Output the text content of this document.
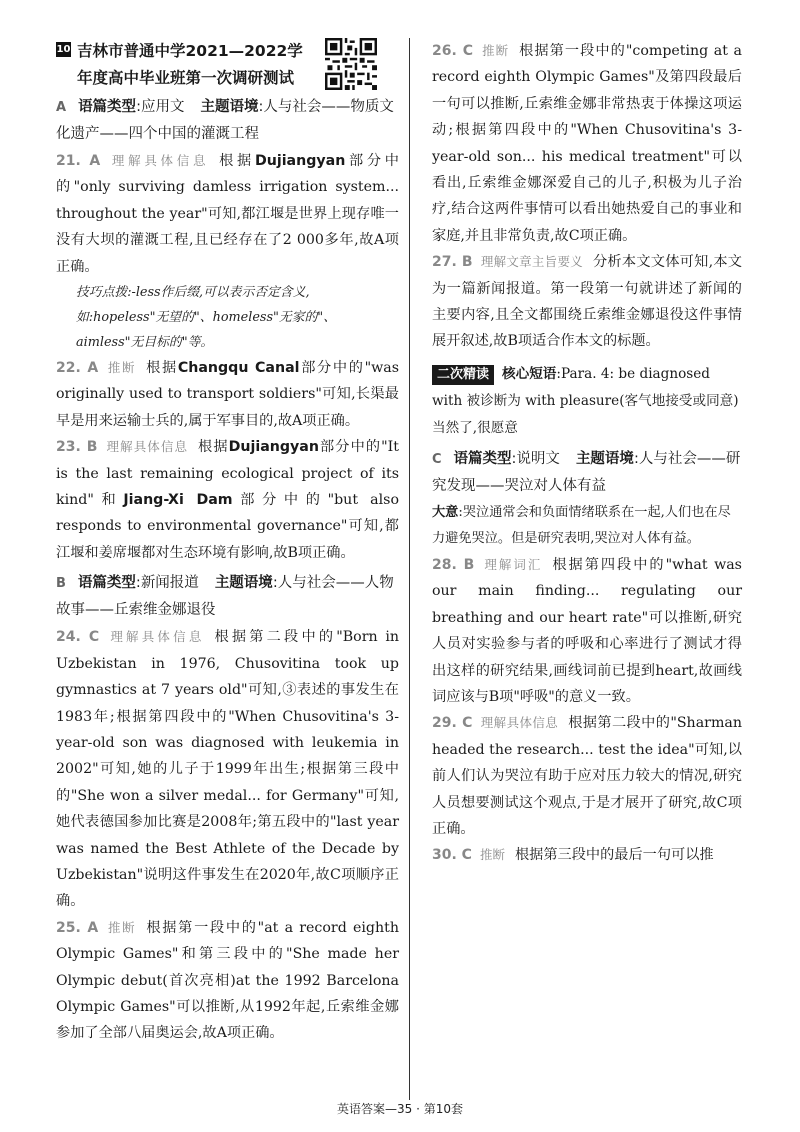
10 吉林市普通中学2021—2022学年度高中毕业班第一次调研测试

A 语篇类型:应用文 主题语境:人与社会——物质文化遗产——四个中国的灌溉工程

21. A 理解具体信息 根据Dujiangyan部分中的"only surviving damless irrigation system... throughout the year"可知,都江堰是世界上现存唯一没有大坝的灌溉工程,且已经存在了2 000多年,故A项正确。

技巧点拨:-less作后缀,可以表示否定含义,如:hopeless"无望的"、homeless"无家的"、aimless"无目标的"等。

22. A 推断 根据Changqu Canal部分中的"was originally used to transport soldiers"可知,长渠最早是用来运输士兵的,属于军事目的,故A项正确。

23. B 理解具体信息 根据Dujiangyan部分中的"It is the last remaining ecological project of its kind"和Jiang-Xi Dam部分中的"but also responds to environmental governance"可知,都江堰和姜席堰都对生态环境有影响,故B项正确。

B 语篇类型:新闻报道 主题语境:人与社会——人物故事——丘索维金娜退役

24. C 理解具体信息 根据第二段中的"Born in Uzbekistan in 1976, Chusovitina took up gymnastics at 7 years old"可知,③表述的事发生在1983年;根据第四段中的"When Chusovitina's 3-year-old son was diagnosed with leukemia in 2002"可知,她的儿子于1999年出生;根据第三段中的"She won a silver medal... for Germany"可知,她代表德国参加比赛是2008年;第五段中的"last year was named the Best Athlete of the Decade by Uzbekistan"说明这件事发生在2020年,故C项顺序正确。

25. A 推断 根据第一段中的"at a record eighth Olympic Games"和第三段中的"She made her Olympic debut(首次亮相)at the 1992 Barcelona Olympic Games"可以推断,从1992年起,丘索维金娜参加了全部八届奥运会,故A项正确。

26. C 推断 根据第一段中的"competing at a record eighth Olympic Games"及第四段最后一句可以推断,丘索维金娜非常热衷于体操这项运动;根据第四段中的"When Chusovitina's 3-year-old son... his medical treatment"可以看出,丘索维金娜深爱自己的儿子,积极为儿子治疗,结合这两件事情可以看出她热爱自己的事业和家庭,并且非常负责,故C项正确。

27. B 理解文章主旨要义 分析本文文体可知,本文为一篇新闻报道。第一段第一句就讲述了新闻的主要内容,且全文都围绕丘索维金娜退役这件事情展开叙述,故B项适合作本文的标题。

二次精读 核心短语:Para. 4: be diagnosed with 被诊断为 with pleasure(客气地接受或同意)当然了,很愿意

C 语篇类型:说明文 主题语境:人与社会——研究发现——哭泣对人体有益

大意:哭泣通常会和负面情绪联系在一起,人们也在尽力避免哭泣。但是研究表明,哭泣对人体有益。

28. B 理解词汇 根据第四段中的"what was our main finding... regulating our breathing and our heart rate"可以推断,研究人员对实验参与者的呼吸和心率进行了测试才得出这样的研究结果,画线词前已提到heart,故画线词应该与B项"呼吸"的意义一致。

29. C 理解具体信息 根据第二段中的"Sharman headed the research... test the idea"可知,以前人们认为哭泣有助于应对压力较大的情况,研究人员想要测试这个观点,于是才展开了研究,故C项正确。

30. C 推断 根据第三段中的最后一句可以推

英语答案—35 · 第10套
